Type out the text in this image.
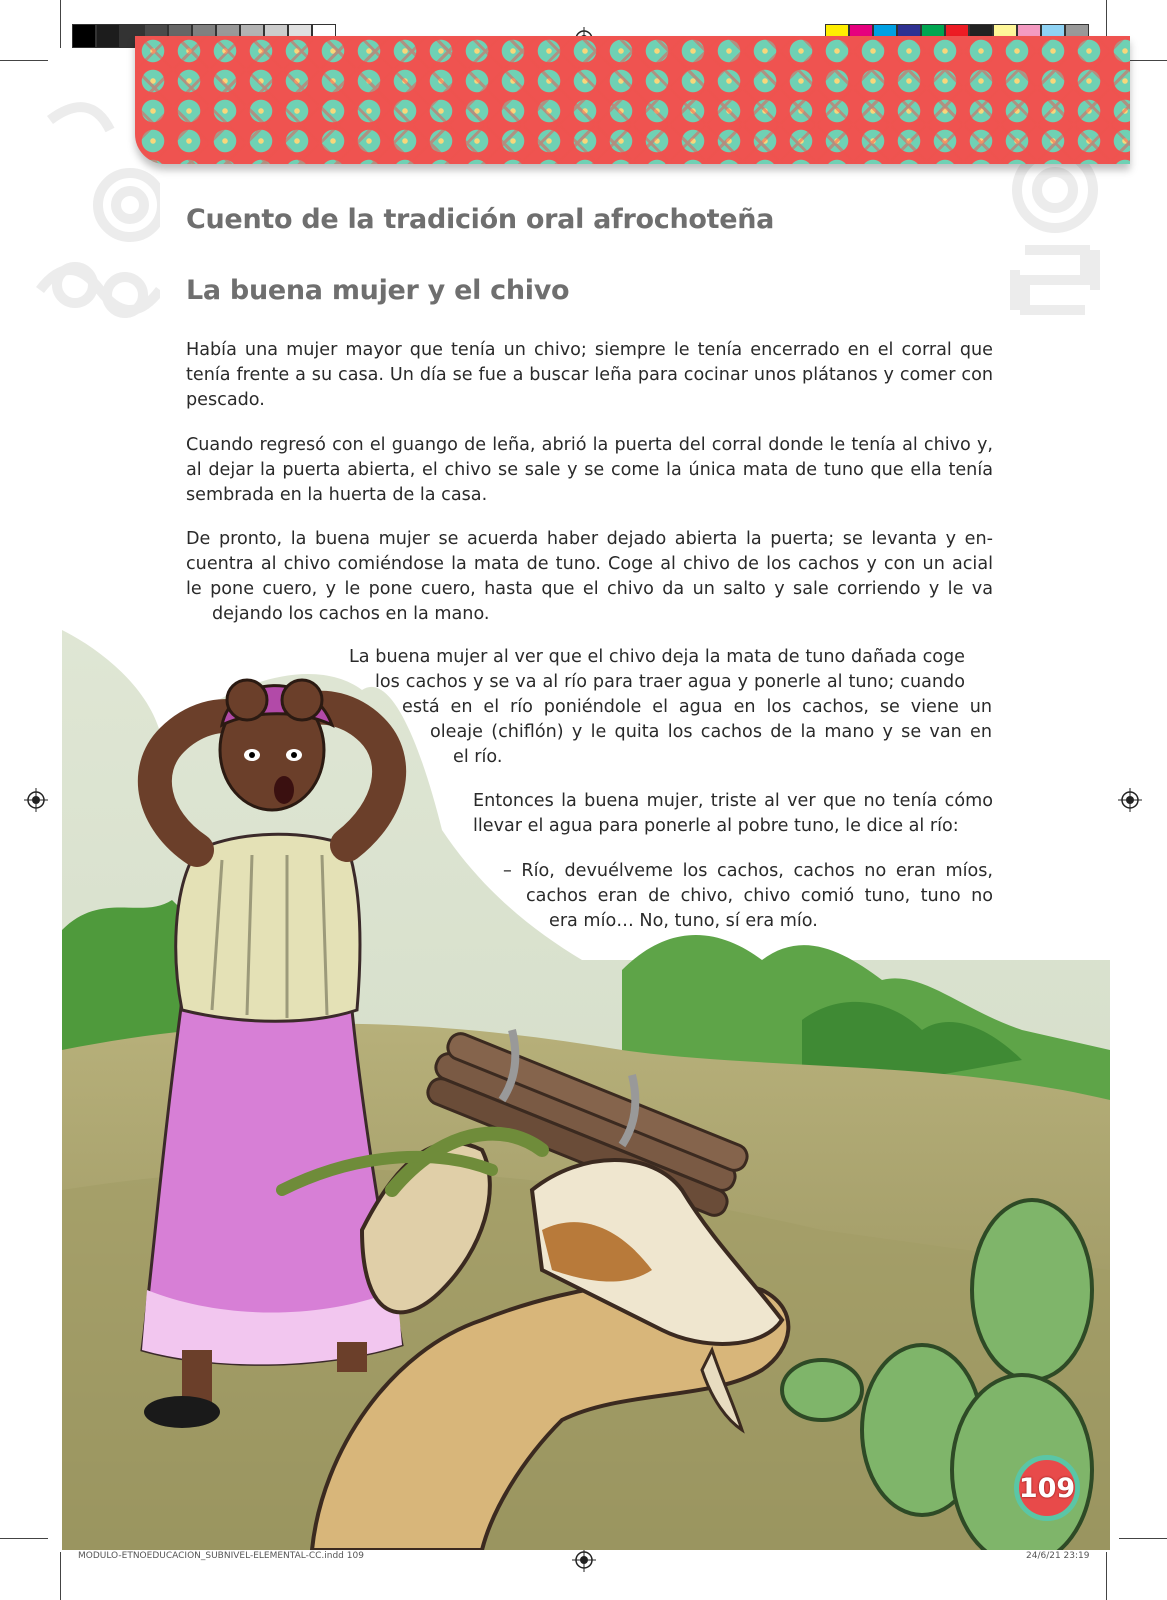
Cuento de la tradición oral afrochoteña
La buena mujer y el chivo

Había una mujer mayor que tenía un chivo; siempre le tenía encerrado en el corral que tenía frente a su casa. Un día se fue a buscar leña para cocinar unos plátanos y comer con pescado.

Cuando regresó con el guango de leña, abrió la puerta del corral donde le tenía al chivo y, al dejar la puerta abierta, el chivo se sale y se come la única mata de tuno que ella tenía sembrada en la huerta de la casa.

De pronto, la buena mujer se acuerda haber dejado abierta la puerta; se levanta y en-
cuentra al chivo comiéndose la mata de tuno. Coge al chivo de los cachos y con un acial
le pone cuero, y le pone cuero, hasta que el chivo da un salto y sale corriendo y le va
dejando los cachos en la mano.
La buena mujer al ver que el chivo deja la mata de tuno dañada coge
los cachos y se va al río para traer agua y ponerle al tuno; cuando
está en el río poniéndole el agua en los cachos, se viene un
oleaje (chiflón) y le quita los cachos de la mano y se van en
el río.
Entonces la buena mujer, triste al ver que no tenía cómo
llevar el agua para ponerle al pobre tuno, le dice al río:
– Río, devuélveme los cachos, cachos no eran míos,
cachos eran de chivo, chivo comió tuno, tuno no
era mío… No, tuno, sí era mío.
109
MODULO-ETNOEDUCACION_SUBNIVEL-ELEMENTAL-CC.indd 109	24/6/21 23:19
